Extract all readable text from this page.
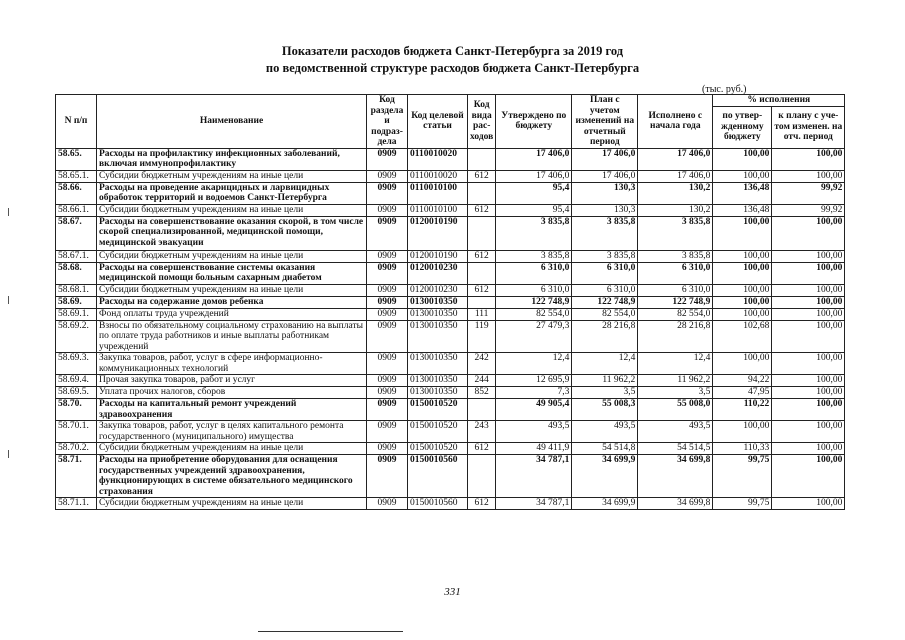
Показатели расходов бюджета Санкт-Петербурга за 2019 год
по ведомственной структуре расходов бюджета Санкт-Петербурга
(тыс. руб.)
N п/п	Наименование	Код раздела и подраз-дела	Код целевой статьи	Код вида рас-ходов	Утверждено по бюджету	План с учетом изменений на отчетный период	Исполнено с начала года	% исполнения	
								по утвер-жденному бюджету	к плану с уче-том изменен. на отч. период
58.65.	Расходы на профилактику инфекционных заболеваний, включая иммунопрофилактику	0909	0110010020		17 406,0	17 406,0	17 406,0	100,00	100,00
58.65.1.	Субсидии бюджетным учреждениям на иные цели	0909	0110010020	612	17 406,0	17 406,0	17 406,0	100,00	100,00
58.66.	Расходы на проведение акарицидных и ларвицидных обработок территорий и водоемов Санкт-Петербурга	0909	0110010100		95,4	130,3	130,2	136,48	99,92
58.66.1.	Субсидии бюджетным учреждениям на иные цели	0909	0110010100	612	95,4	130,3	130,2	136,48	99,92
58.67.	Расходы на совершенствование оказания скорой, в том числе скорой специализированной, медицинской помощи, медицинской эвакуации	0909	0120010190		3 835,8	3 835,8	3 835,8	100,00	100,00
58.67.1.	Субсидии бюджетным учреждениям на иные цели	0909	0120010190	612	3 835,8	3 835,8	3 835,8	100,00	100,00
58.68.	Расходы на совершенствование системы оказания медицинской помощи больным сахарным диабетом	0909	0120010230		6 310,0	6 310,0	6 310,0	100,00	100,00
58.68.1.	Субсидии бюджетным учреждениям на иные цели	0909	0120010230	612	6 310,0	6 310,0	6 310,0	100,00	100,00
58.69.	Расходы на содержание домов ребенка	0909	0130010350		122 748,9	122 748,9	122 748,9	100,00	100,00
58.69.1.	Фонд оплаты труда учреждений	0909	0130010350	111	82 554,0	82 554,0	82 554,0	100,00	100,00
58.69.2.	Взносы по обязательному социальному страхованию на выплаты по оплате труда работников и иные выплаты работникам учреждений	0909	0130010350	119	27 479,3	28 216,8	28 216,8	102,68	100,00
58.69.3.	Закупка товаров, работ, услуг в сфере информационно-коммуникационных технологий	0909	0130010350	242	12,4	12,4	12,4	100,00	100,00
58.69.4.	Прочая закупка товаров, работ и услуг	0909	0130010350	244	12 695,9	11 962,2	11 962,2	94,22	100,00
58.69.5.	Уплата прочих налогов, сборов	0909	0130010350	852	7,3	3,5	3,5	47,95	100,00
58.70.	Расходы на капитальный ремонт учреждений здравоохранения	0909	0150010520		49 905,4	55 008,3	55 008,0	110,22	100,00
58.70.1.	Закупка товаров, работ, услуг в целях капитального ремонта государственного (муниципального) имущества	0909	0150010520	243	493,5	493,5	493,5	100,00	100,00
58.70.2.	Субсидии бюджетным учреждениям на иные цели	0909	0150010520	612	49 411,9	54 514,8	54 514,5	110,33	100,00
58.71.	Расходы на приобретение оборудования для оснащения государственных учреждений здравоохранения, функционирующих в системе обязательного медицинского страхования	0909	0150010560		34 787,1	34 699,9	34 699,8	99,75	100,00
58.71.1.	Субсидии бюджетным учреждениям на иные цели	0909	0150010560	612	34 787,1	34 699,9	34 699,8	99,75	100,00
331
